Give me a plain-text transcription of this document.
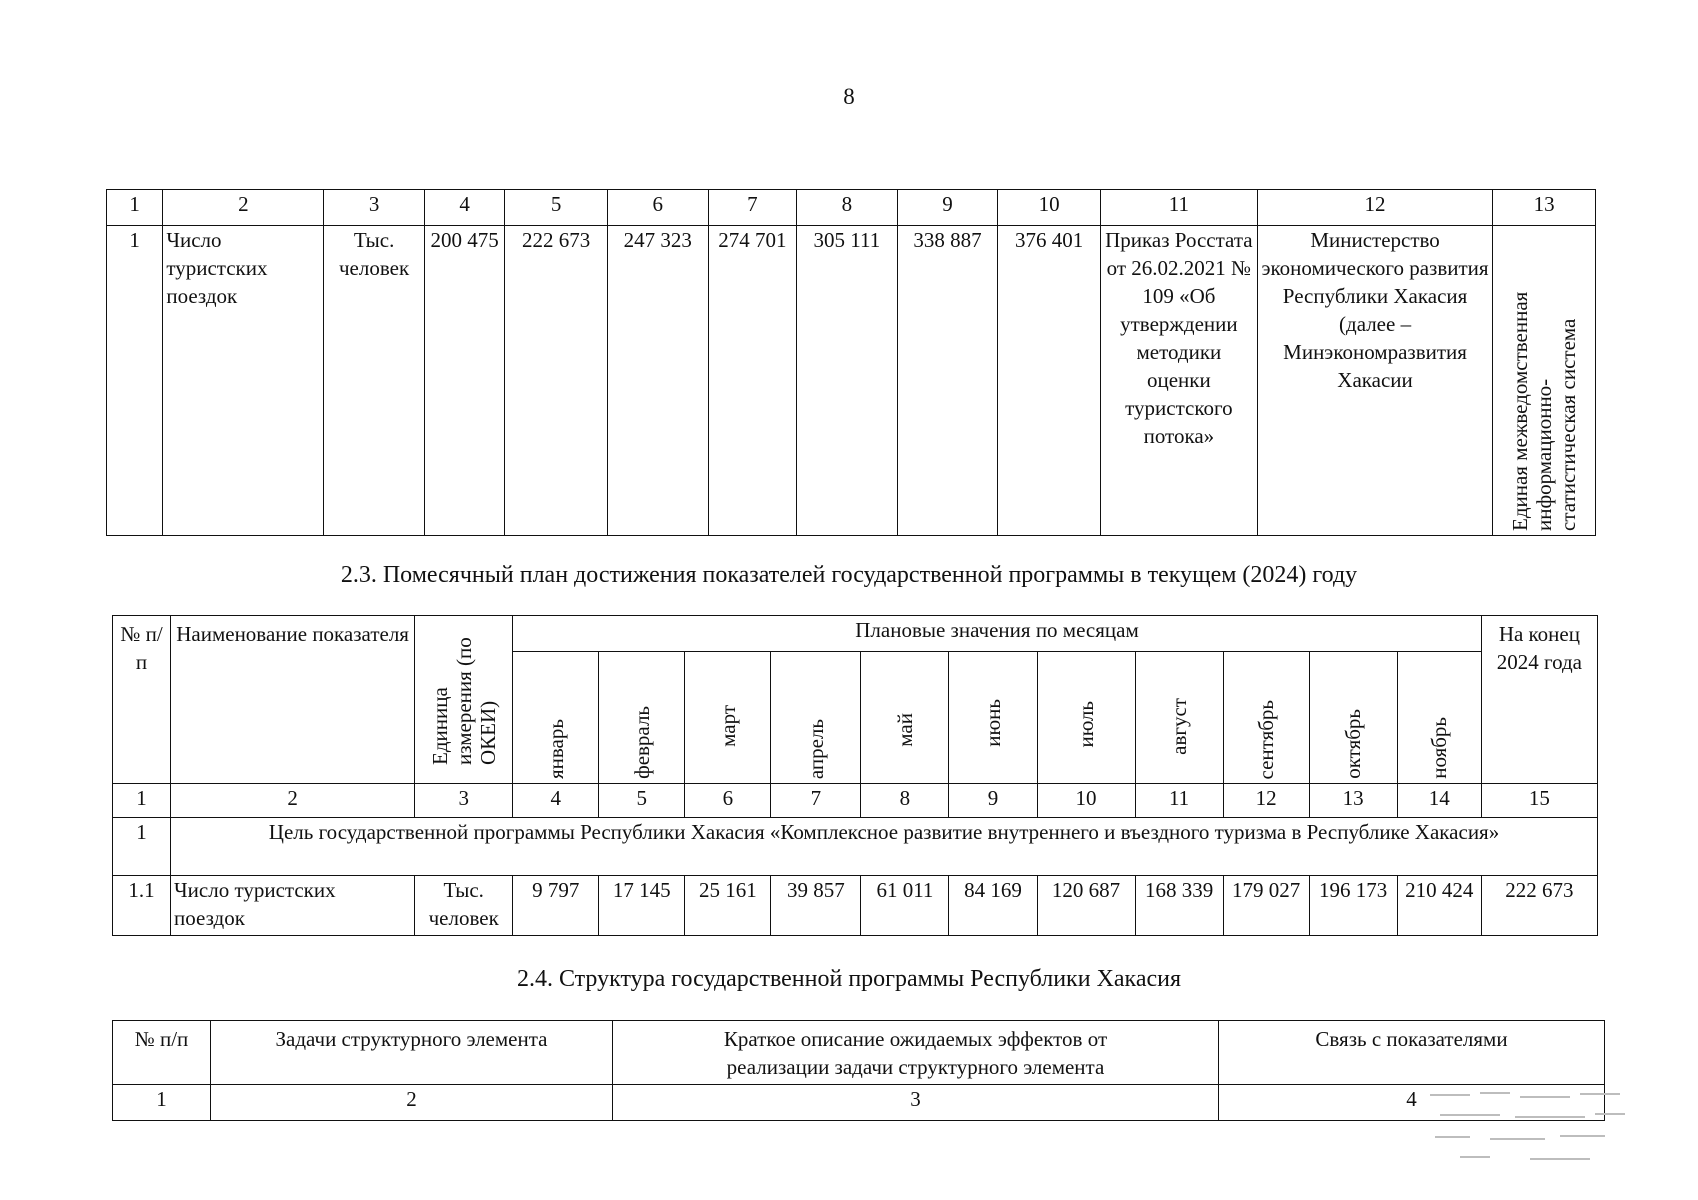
8
1	2	3	4	5	6	7	8	9	10	11	12	13
1	Число туристских поездок	Тыс. человек	200 475	222 673	247 323	274 701	305 111	338 887	376 401	Приказ Росстата от 26.02.2021 № 109 «Об утверждении методики оценки туристского потока»	Министерство экономического развития Республики Хакасия (далее – Минэкономразвития Хакасии	Единая межведомственная информационно-статистическая система
2.3. Помесячный план достижения показателей государственной программы в текущем (2024) году
№ п/п	Наименование показателя	Единица измерения (по ОКЕИ)	Плановые значения по месяцам											На конец 2024 года

			январь	февраль	март	апрель	май	июнь	июль	август	сентябрь	октябрь	ноябрь	

1	2	3	4	5	6	7	8	9	10	11	12	13	14	15
1	Цель государственной программы Республики Хакасия «Комплексное развитие внутреннего и въездного туризма в Республике Хакасия»													
1.1	Число туристских поездок	Тыс. человек	9 797	17 145	25 161	39 857	61 011	84 169	120 687	168 339	179 027	196 173	210 424	222 673
2.4. Структура государственной программы Республики Хакасия
№ п/п	Задачи структурного элемента	Краткое описание ожидаемых эффектов от реализации задачи структурного элемента	Связь с показателями
1	2	3	4
